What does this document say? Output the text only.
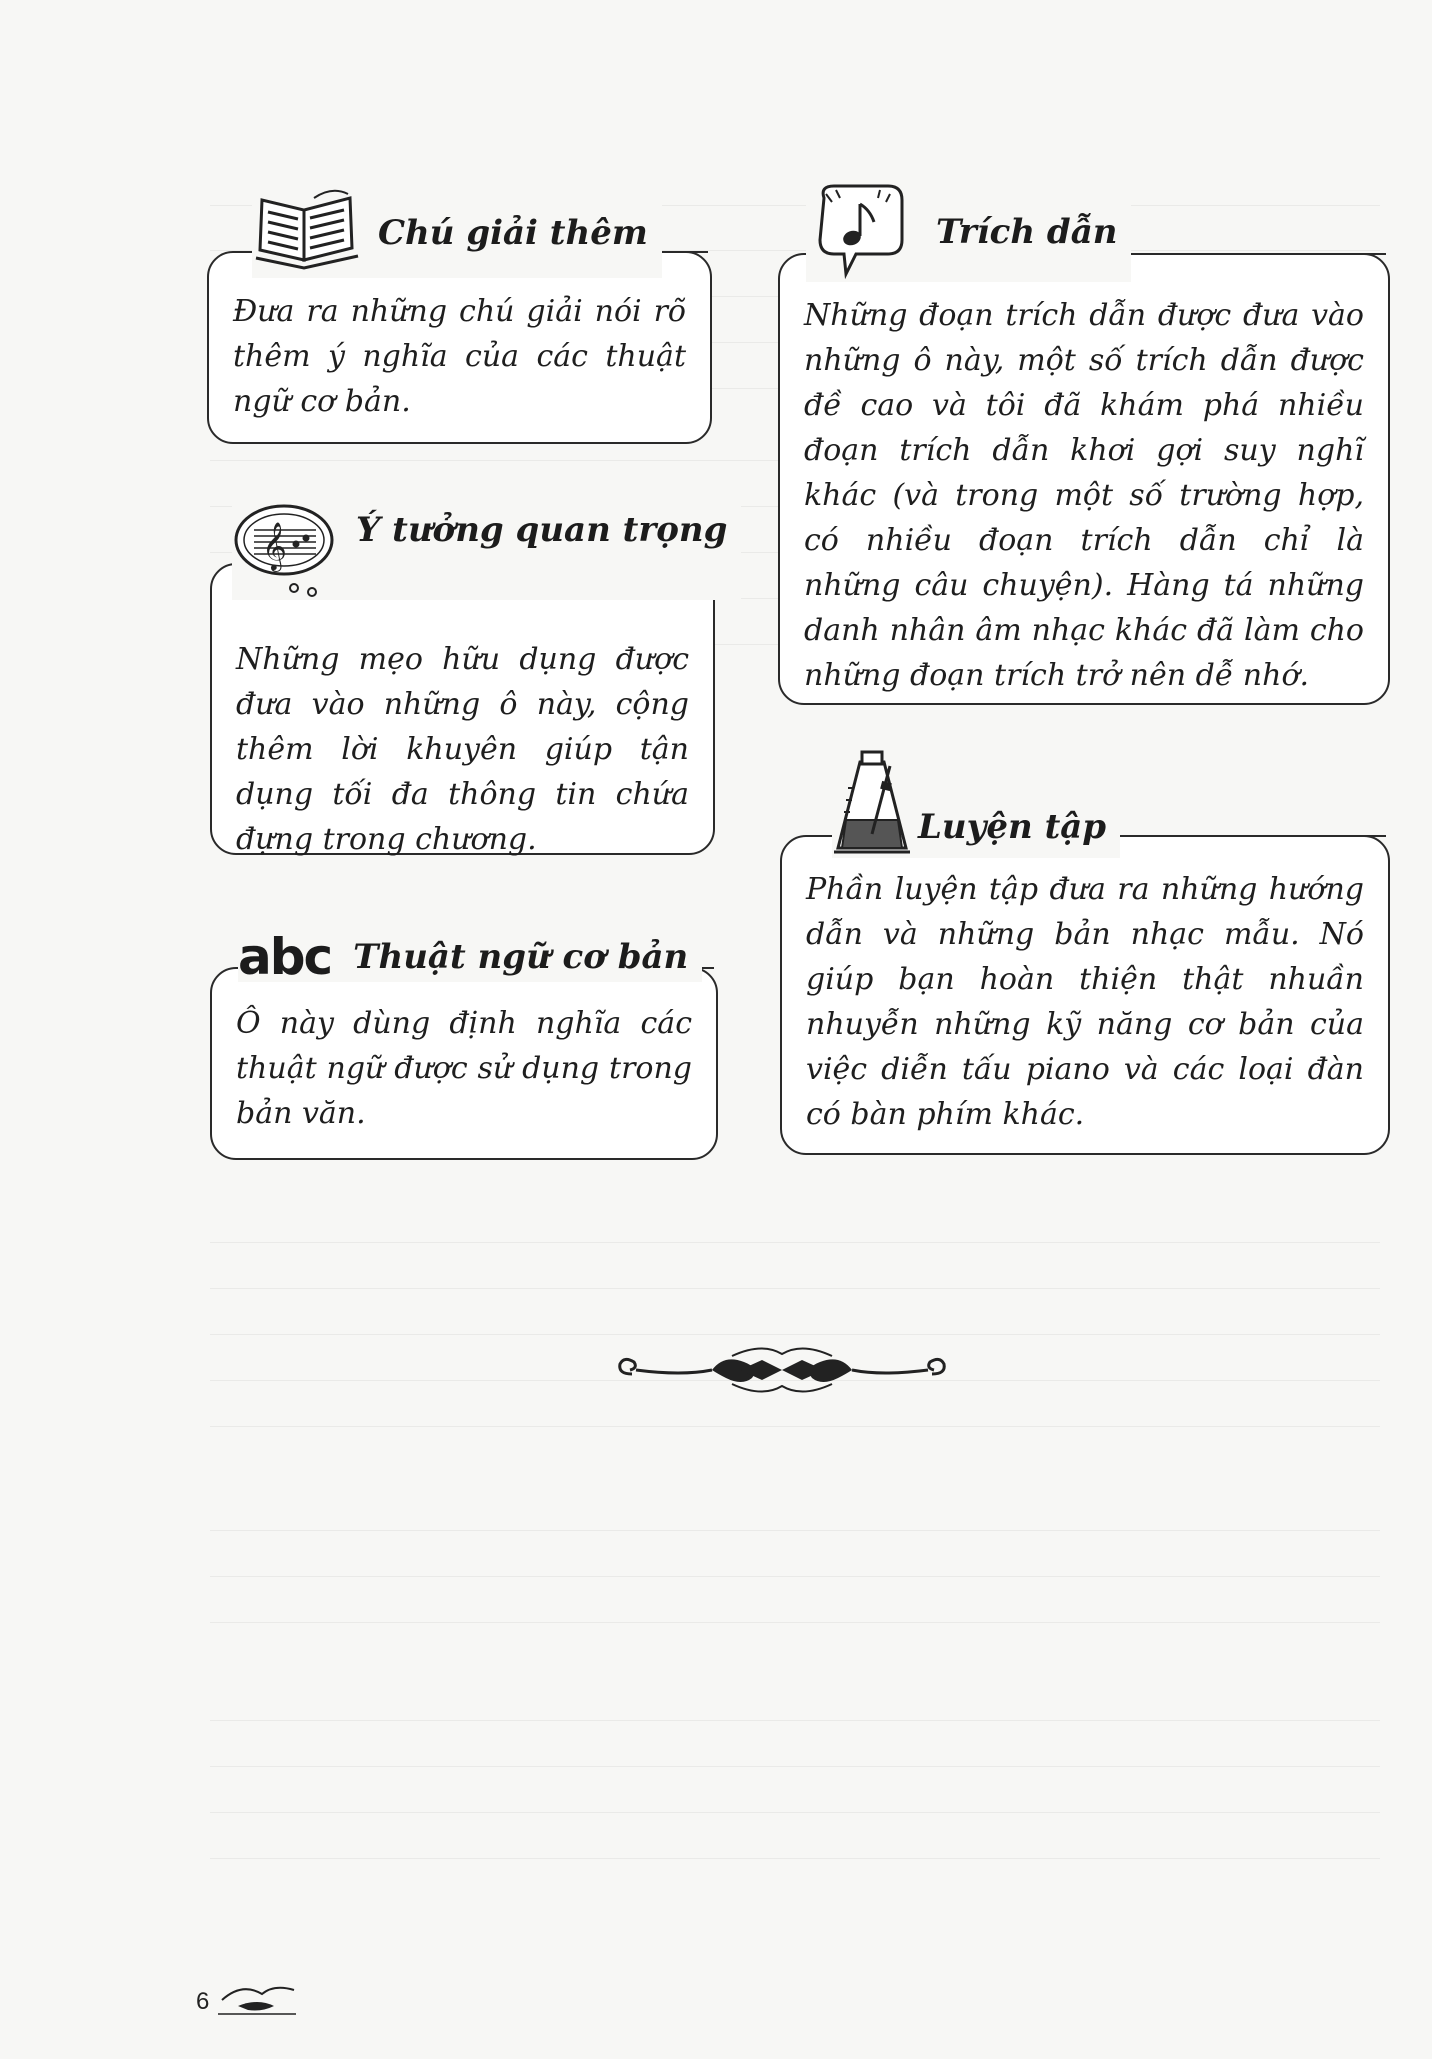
Đưa ra những chú giải nói rõ thêm ý nghĩa của các thuật ngữ cơ bản.

Chú giải thêm

Những mẹo hữu dụng được đưa vào những ô này, cộng thêm lời khuyên giúp tận dụng tối đa thông tin chứa đựng trong chương.

𝄞 Ý tưởng quan trọng

Ô này dùng định nghĩa các thuật ngữ được sử dụng trong bản văn.

abc Thuật ngữ cơ bản

Những đoạn trích dẫn được đưa vào những ô này, một số trích dẫn được đề cao và tôi đã khám phá nhiều đoạn trích dẫn khơi gợi suy nghĩ khác (và trong một số trường hợp, có nhiều đoạn trích dẫn chỉ là những câu chuyện). Hàng tá những danh nhân âm nhạc khác đã làm cho những đoạn trích trở nên dễ nhớ.

Trích dẫn

Phần luyện tập đưa ra những hướng dẫn và những bản nhạc mẫu. Nó giúp bạn hoàn thiện thật nhuần nhuyễn những kỹ năng cơ bản của việc diễn tấu piano và các loại đàn có bàn phím khác.

Luyện tập
6
